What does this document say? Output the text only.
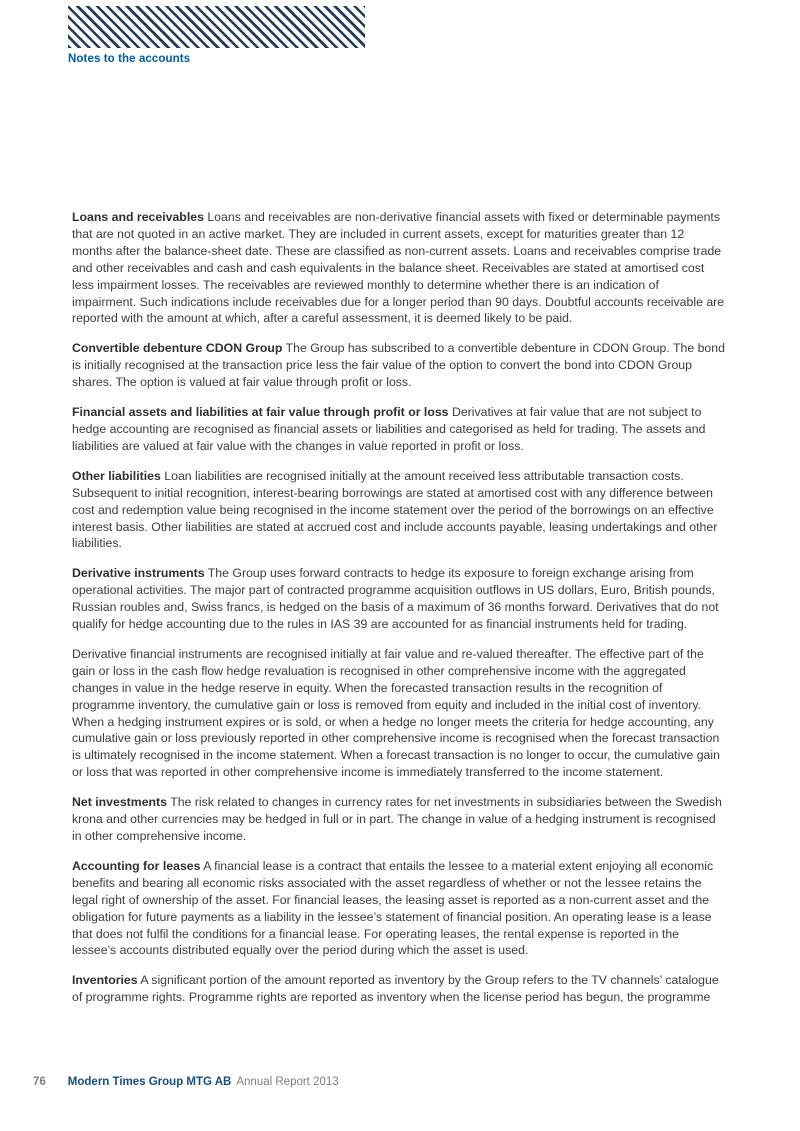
Notes to the accounts

Loans and receivables Loans and receivables are non-derivative financial assets with fixed or determinable payments that are not quoted in an active market. They are included in current assets, except for maturities greater than 12 months after the balance-sheet date. These are classified as non-current assets. Loans and receivables comprise trade and other receivables and cash and cash equivalents in the balance sheet. Receivables are stated at amortised cost less impairment losses. The receivables are reviewed monthly to determine whether there is an indication of impairment. Such indications include receivables due for a longer period than 90 days. Doubtful accounts receivable are reported with the amount at which, after a careful assessment, it is deemed likely to be paid.

Convertible debenture CDON Group The Group has subscribed to a convertible debenture in CDON Group. The bond is initially recognised at the transaction price less the fair value of the option to convert the bond into CDON Group shares. The option is valued at fair value through profit or loss.

Financial assets and liabilities at fair value through profit or loss Derivatives at fair value that are not subject to hedge accounting are recognised as financial assets or liabilities and categorised as held for trading. The assets and liabilities are valued at fair value with the changes in value reported in profit or loss.

Other liabilities Loan liabilities are recognised initially at the amount received less attributable transaction costs. Subsequent to initial recognition, interest-bearing borrowings are stated at amortised cost with any difference between cost and redemption value being recognised in the income statement over the period of the borrowings on an effective interest basis. Other liabilities are stated at accrued cost and include accounts payable, leasing undertakings and other liabilities.

Derivative instruments The Group uses forward contracts to hedge its exposure to foreign exchange arising from operational activities. The major part of contracted programme acquisition outflows in US dollars, Euro, British pounds, Russian roubles and, Swiss francs, is hedged on the basis of a maximum of 36 months forward. Derivatives that do not qualify for hedge accounting due to the rules in IAS 39 are accounted for as financial instruments held for trading.

Derivative financial instruments are recognised initially at fair value and re-valued thereafter. The effective part of the gain or loss in the cash flow hedge revaluation is recognised in other comprehensive income with the aggregated changes in value in the hedge reserve in equity. When the forecasted transaction results in the recognition of programme inventory, the cumulative gain or loss is removed from equity and included in the initial cost of inventory. When a hedging instrument expires or is sold, or when a hedge no longer meets the criteria for hedge accounting, any cumulative gain or loss previously reported in other comprehensive income is recognised when the forecast transaction is ultimately recognised in the income statement. When a forecast transaction is no longer to occur, the cumulative gain or loss that was reported in other comprehensive income is immediately transferred to the income statement.

Net investments The risk related to changes in currency rates for net investments in subsidiaries between the Swedish krona and other currencies may be hedged in full or in part. The change in value of a hedging instrument is recognised in other comprehensive income.

Accounting for leases A financial lease is a contract that entails the lessee to a material extent enjoying all economic benefits and bearing all economic risks associated with the asset regardless of whether or not the lessee retains the legal right of ownership of the asset. For financial leases, the leasing asset is reported as a non-current asset and the obligation for future payments as a liability in the lessee’s statement of financial position. An operating lease is a lease that does not fulfil the conditions for a financial lease. For operating leases, the rental expense is reported in the lessee’s accounts distributed equally over the period during which the asset is used.

Inventories A significant portion of the amount reported as inventory by the Group refers to the TV channels’ catalogue of programme rights. Programme rights are reported as inventory when the license period has begun, the programme

76 Modern Times Group MTG AB Annual Report 2013
